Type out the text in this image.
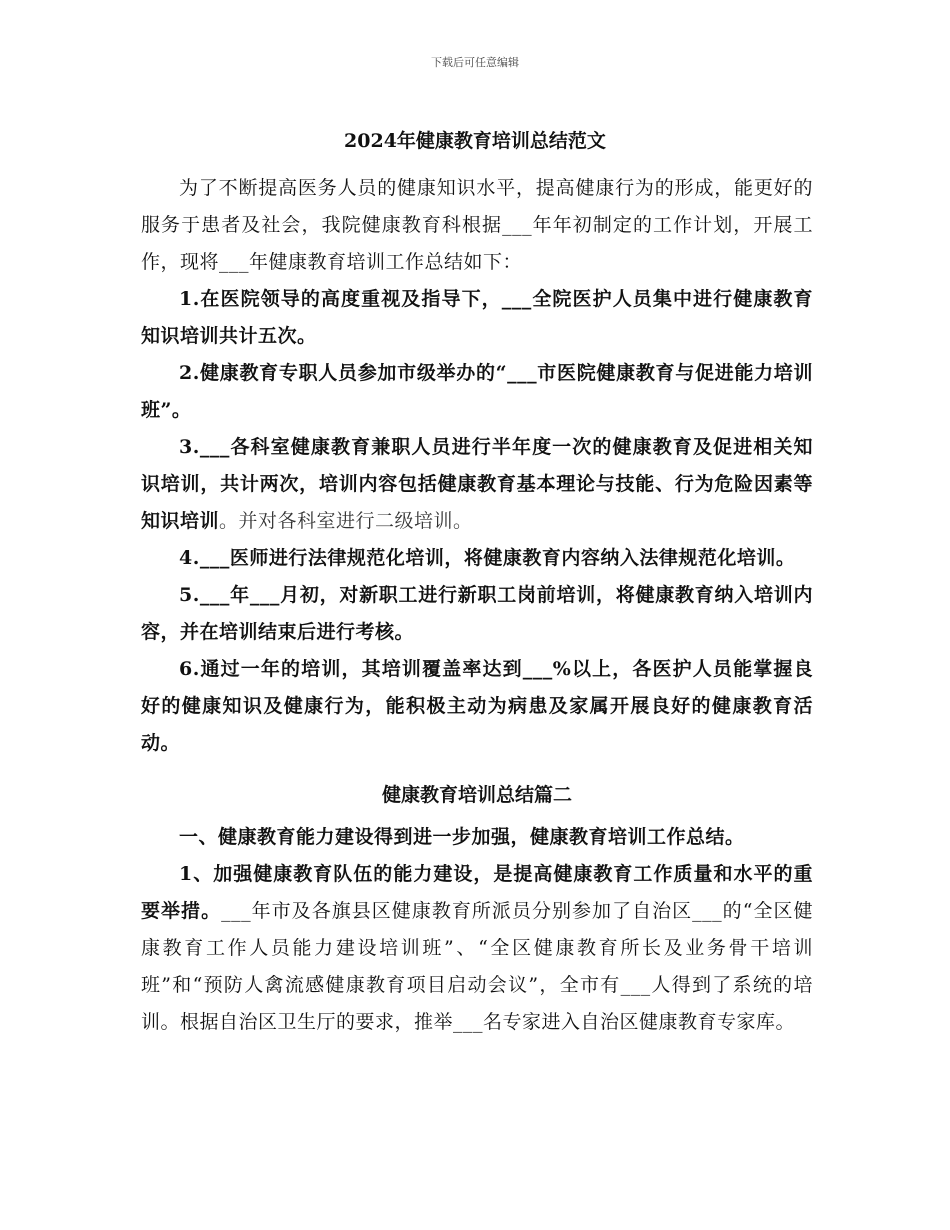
下载后可任意编辑
2024年健康教育培训总结范文

为了不断提高医务人员的健康知识水平，提高健康行为的形成，能更好的服务于患者及社会，我院健康教育科根据___年年初制定的工作计划，开展工作，现将___年健康教育培训工作总结如下：

1.在医院领导的高度重视及指导下，___全院医护人员集中进行健康教育知识培训共计五次。

2.健康教育专职人员参加市级举办的“___市医院健康教育与促进能力培训班”。

3.___各科室健康教育兼职人员进行半年度一次的健康教育及促进相关知识培训，共计两次，培训内容包括健康教育基本理论与技能、行为危险因素等知识培训。并对各科室进行二级培训。

4.___医师进行法律规范化培训，将健康教育内容纳入法律规范化培训。

5.___年___月初，对新职工进行新职工岗前培训，将健康教育纳入培训内容，并在培训结束后进行考核。

6.通过一年的培训，其培训覆盖率达到___%以上，各医护人员能掌握良好的健康知识及健康行为，能积极主动为病患及家属开展良好的健康教育活动。

健康教育培训总结篇二

一、健康教育能力建设得到进一步加强，健康教育培训工作总结。

1、加强健康教育队伍的能力建设，是提高健康教育工作质量和水平的重要举措。___年市及各旗县区健康教育所派员分别参加了自治区___的“全区健康教育工作人员能力建设培训班”、“全区健康教育所长及业务骨干培训班”和“预防人禽流感健康教育项目启动会议”，全市有___人得到了系统的培训。根据自治区卫生厅的要求，推举___名专家进入自治区健康教育专家库。
